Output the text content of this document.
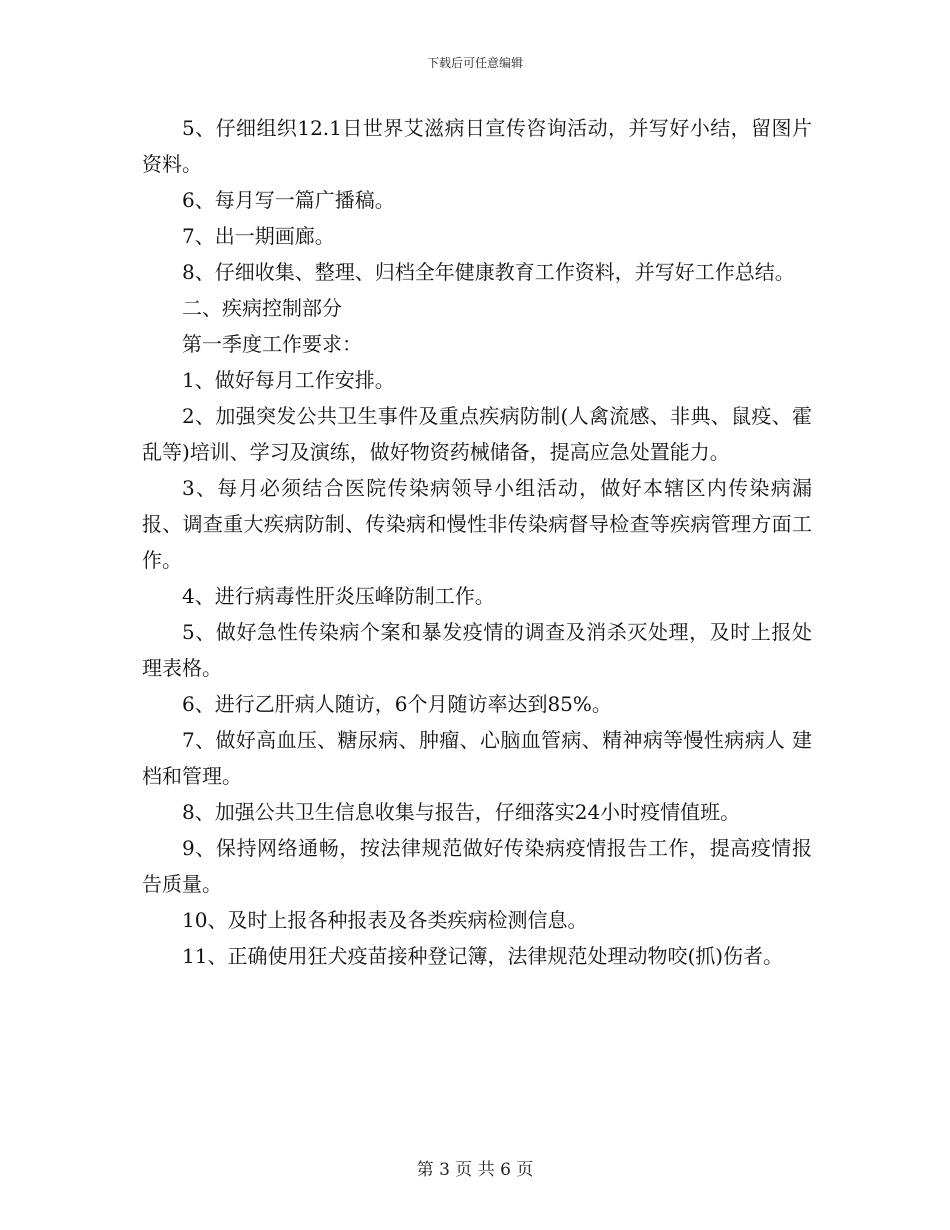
下载后可任意编辑

5、仔细组织12.1日世界艾滋病日宣传咨询活动，并写好小结，留图片资料。

6、每月写一篇广播稿。

7、出一期画廊。

8、仔细收集、整理、归档全年健康教育工作资料，并写好工作总结。

二、疾病控制部分

第一季度工作要求：

1、做好每月工作安排。

2、加强突发公共卫生事件及重点疾病防制(人禽流感、非典、鼠疫、霍乱等)培训、学习及演练，做好物资药械储备，提高应急处置能力。

3、每月必须结合医院传染病领导小组活动，做好本辖区内传染病漏报、调查重大疾病防制、传染病和慢性非传染病督导检查等疾病管理方面工作。

4、进行病毒性肝炎压峰防制工作。

5、做好急性传染病个案和暴发疫情的调查及消杀灭处理，及时上报处理表格。

6、进行乙肝病人随访，6个月随访率达到85%。

7、做好高血压、糖尿病、肿瘤、心脑血管病、精神病等慢性病病人 建档和管理。

8、加强公共卫生信息收集与报告，仔细落实24小时疫情值班。

9、保持网络通畅，按法律规范做好传染病疫情报告工作，提高疫情报告质量。

10、及时上报各种报表及各类疾病检测信息。

11、正确使用狂犬疫苗接种登记簿，法律规范处理动物咬(抓)伤者。

第 3 页 共 6 页
